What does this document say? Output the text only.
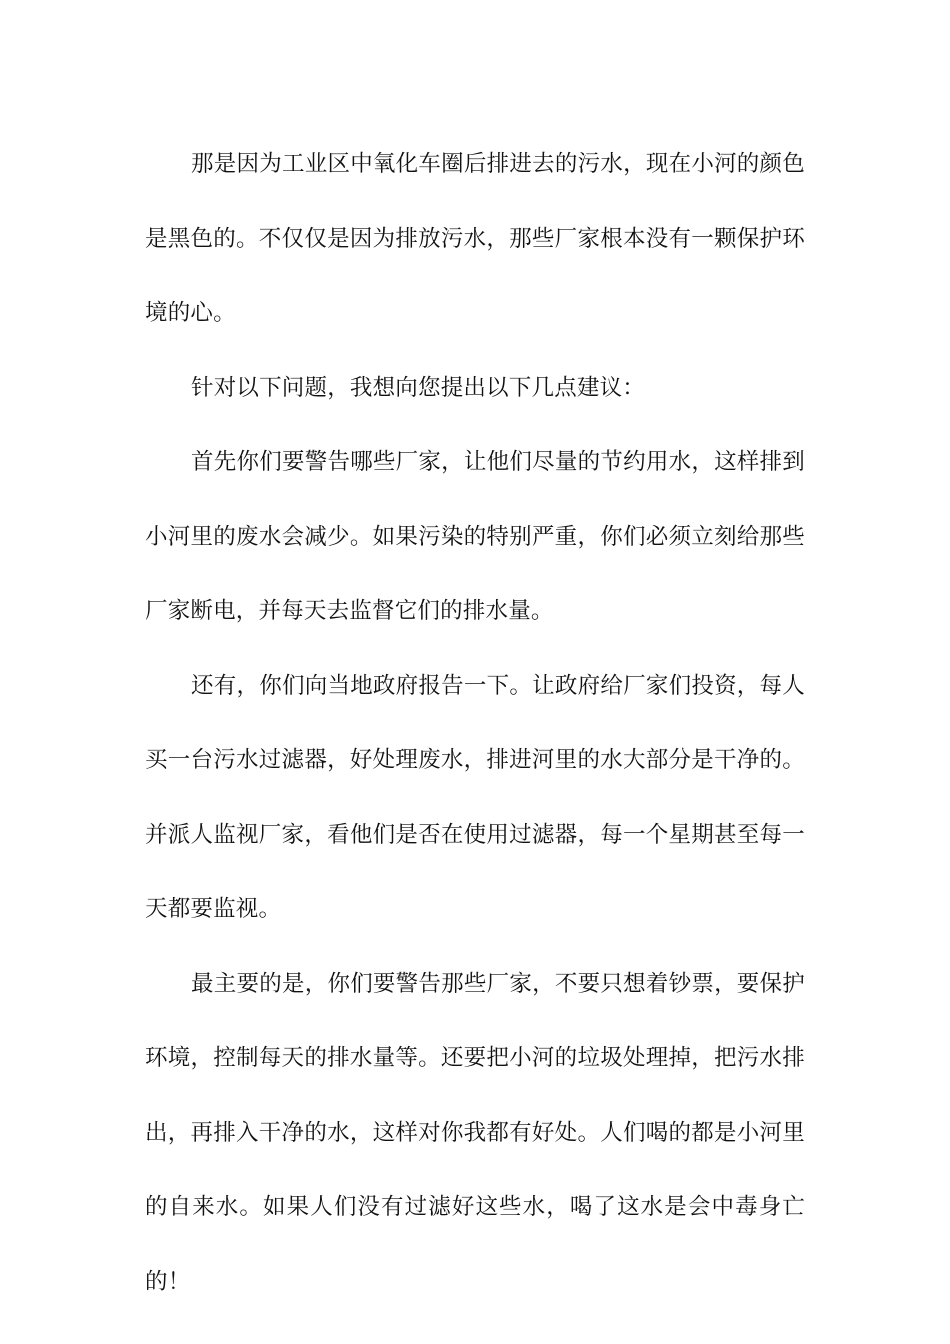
那是因为工业区中氧化车圈后排进去的污水，现在小河的颜色是黑色的。不仅仅是因为排放污水，那些厂家根本没有一颗保护环境的心。

针对以下问题，我想向您提出以下几点建议：

首先你们要警告哪些厂家，让他们尽量的节约用水，这样排到小河里的废水会减少。如果污染的特别严重，你们必须立刻给那些厂家断电，并每天去监督它们的排水量。

还有，你们向当地政府报告一下。让政府给厂家们投资，每人买一台污水过滤器，好处理废水，排进河里的水大部分是干净的。并派人监视厂家，看他们是否在使用过滤器，每一个星期甚至每一天都要监视。

最主要的是，你们要警告那些厂家，不要只想着钞票，要保护环境，控制每天的排水量等。还要把小河的垃圾处理掉，把污水排出，再排入干净的水，这样对你我都有好处。人们喝的都是小河里的自来水。如果人们没有过滤好这些水，喝了这水是会中毒身亡的！
